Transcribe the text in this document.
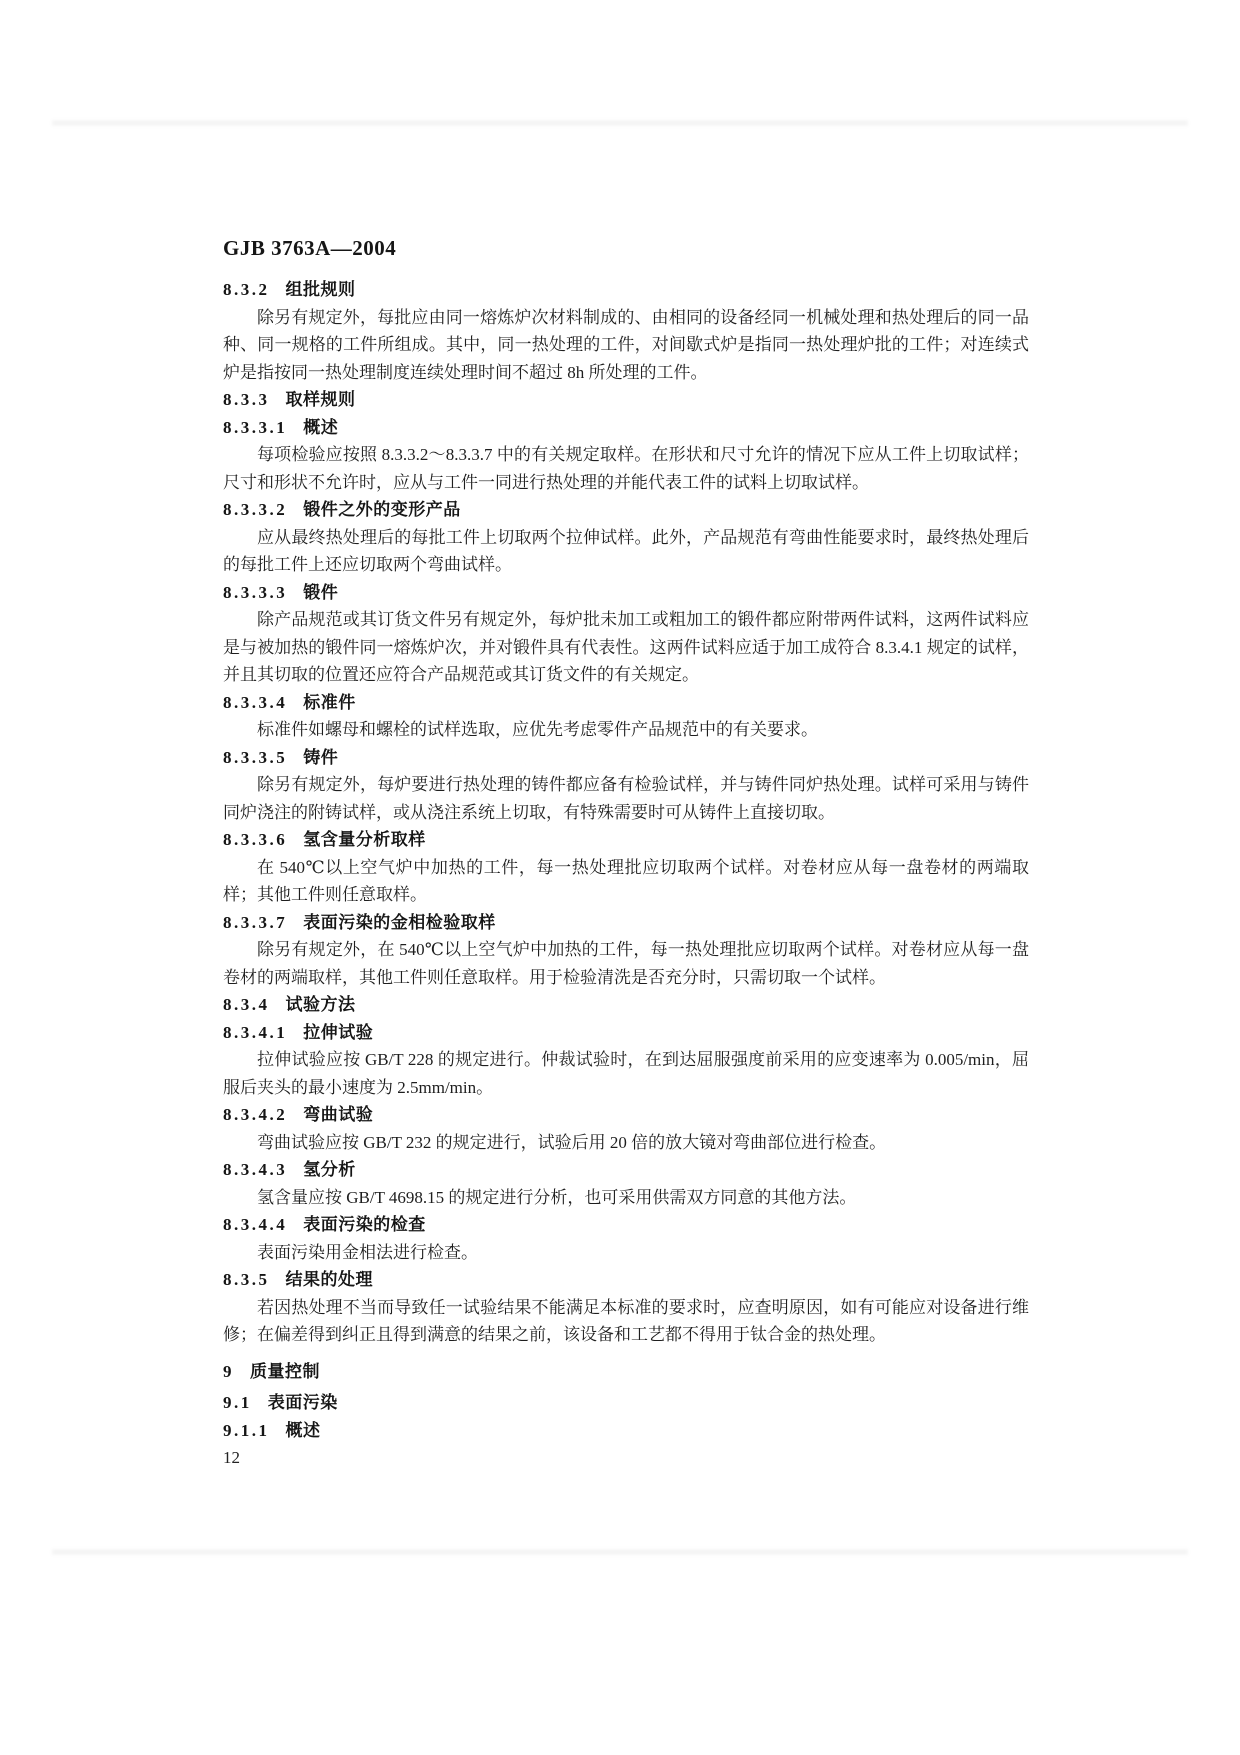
GJB 3763A—2004
8.3.2 组批规则

除另有规定外，每批应由同一熔炼炉次材料制成的、由相同的设备经同一机械处理和热处理后的同一品种、同一规格的工件所组成。其中，同一热处理的工件，对间歇式炉是指同一热处理炉批的工件；对连续式炉是指按同一热处理制度连续处理时间不超过 8h 所处理的工件。

8.3.3 取样规则
8.3.3.1 概述

每项检验应按照 8.3.3.2～8.3.3.7 中的有关规定取样。在形状和尺寸允许的情况下应从工件上切取试样；尺寸和形状不允许时，应从与工件一同进行热处理的并能代表工件的试料上切取试样。

8.3.3.2 锻件之外的变形产品

应从最终热处理后的每批工件上切取两个拉伸试样。此外，产品规范有弯曲性能要求时，最终热处理后的每批工件上还应切取两个弯曲试样。

8.3.3.3 锻件

除产品规范或其订货文件另有规定外，每炉批未加工或粗加工的锻件都应附带两件试料，这两件试料应是与被加热的锻件同一熔炼炉次，并对锻件具有代表性。这两件试料应适于加工成符合 8.3.4.1 规定的试样，并且其切取的位置还应符合产品规范或其订货文件的有关规定。

8.3.3.4 标准件

标准件如螺母和螺栓的试样选取，应优先考虑零件产品规范中的有关要求。

8.3.3.5 铸件

除另有规定外，每炉要进行热处理的铸件都应备有检验试样，并与铸件同炉热处理。试样可采用与铸件同炉浇注的附铸试样，或从浇注系统上切取，有特殊需要时可从铸件上直接切取。

8.3.3.6 氢含量分析取样

在 540℃以上空气炉中加热的工件，每一热处理批应切取两个试样。对卷材应从每一盘卷材的两端取样；其他工件则任意取样。

8.3.3.7 表面污染的金相检验取样

除另有规定外，在 540℃以上空气炉中加热的工件，每一热处理批应切取两个试样。对卷材应从每一盘卷材的两端取样，其他工件则任意取样。用于检验清洗是否充分时，只需切取一个试样。

8.3.4 试验方法
8.3.4.1 拉伸试验

拉伸试验应按 GB/T 228 的规定进行。仲裁试验时，在到达屈服强度前采用的应变速率为 0.005/min，屈服后夹头的最小速度为 2.5mm/min。

8.3.4.2 弯曲试验

弯曲试验应按 GB/T 232 的规定进行，试验后用 20 倍的放大镜对弯曲部位进行检查。

8.3.4.3 氢分析

氢含量应按 GB/T 4698.15 的规定进行分析，也可采用供需双方同意的其他方法。

8.3.4.4 表面污染的检查

表面污染用金相法进行检查。

8.3.5 结果的处理

若因热处理不当而导致任一试验结果不能满足本标准的要求时，应查明原因，如有可能应对设备进行维修；在偏差得到纠正且得到满意的结果之前，该设备和工艺都不得用于钛合金的热处理。

9 质量控制
9.1 表面污染
9.1.1 概述
12
